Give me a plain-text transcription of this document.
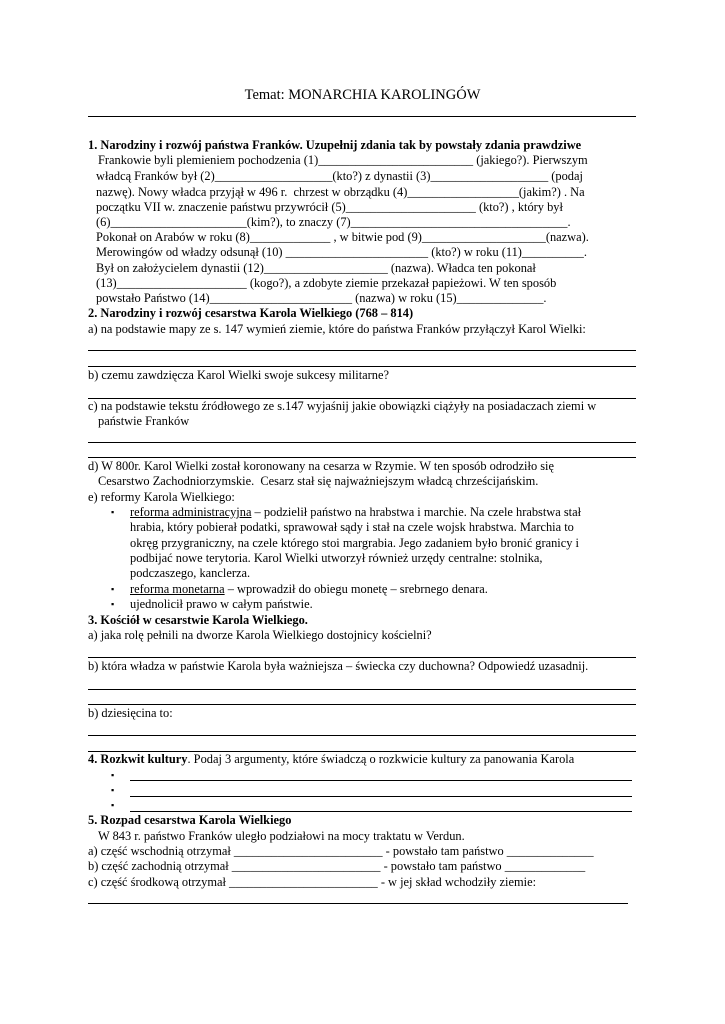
Temat: MONARCHIA KAROLINGÓW
1. Narodziny i rozwój państwa Franków. Uzupełnij zdania tak by powstały zdania prawdziwe
Frankowie byli plemieniem pochodzenia (1)_________________________ (jakiego?). Pierwszym
władcą Franków był (2)___________________(kto?) z dynastii (3)___________________ (podaj
nazwę). Nowy władca przyjął w 496 r.  chrzest w obrządku (4)__________________(jakim?) . Na
początku VII w. znaczenie państwu przywrócił (5)_____________________ (kto?) , który był
(6)______________________(kim?), to znaczy (7)___________________________________.
Pokonał on Arabów w roku (8)_____________ , w bitwie pod (9)____________________(nazwa).
Merowingów od władzy odsunął (10) _______________________ (kto?) w roku (11)__________.
Był on założycielem dynastii (12)____________________ (nazwa). Władca ten pokonał
(13)_____________________ (kogo?), a zdobyte ziemie przekazał papieżowi. W ten sposób
powstało Państwo (14)_______________________ (nazwa) w roku (15)______________.
2. Narodziny i rozwój cesarstwa Karola Wielkiego (768 – 814)
a) na podstawie mapy ze s. 147 wymień ziemie, które do państwa Franków przyłączył Karol Wielki:
b) czemu zawdzięcza Karol Wielki swoje sukcesy militarne?
c) na podstawie tekstu źródłowego ze s.147 wyjaśnij jakie obowiązki ciążyły na posiadaczach ziemi w
państwie Franków
d) W 800r. Karol Wielki został koronowany na cesarza w Rzymie. W ten sposób odrodziło się
Cesarstwo Zachodniorzymskie.  Cesarz stał się najważniejszym władcą chrześcijańskim.
e) reformy Karola Wielkiego:
▪ reforma administracyjna – podzielił państwo na hrabstwa i marchie. Na czele hrabstwa stał
hrabia, który pobierał podatki, sprawował sądy i stał na czele wojsk hrabstwa. Marchia to
okręg przygraniczny, na czele którego stoi margrabia. Jego zadaniem było bronić granicy i
podbijać nowe terytoria. Karol Wielki utworzył również urzędy centralne: stolnika,
podczaszego, kanclerza.
▪ reforma monetarna – wprowadził do obiegu monetę – srebrnego denara.
▪ ujednolicił prawo w całym państwie.
3. Kościół w cesarstwie Karola Wielkiego.
a) jaka rolę pełnili na dworze Karola Wielkiego dostojnicy kościelni?
b) która władza w państwie Karola była ważniejsza – świecka czy duchowna? Odpowiedź uzasadnij.
b) dziesięcina to:
4. Rozkwit kultury. Podaj 3 argumenty, które świadczą o rozkwicie kultury za panowania Karola
▪
▪
▪
5. Rozpad cesarstwa Karola Wielkiego
W 843 r. państwo Franków uległo podziałowi na mocy traktatu w Verdun.
a) część wschodnią otrzymał ________________________ - powstało tam państwo ______________
b) część zachodnią otrzymał ________________________ - powstało tam państwo _____________
c) część środkową otrzymał ________________________ - w jej skład wchodziły ziemie:
